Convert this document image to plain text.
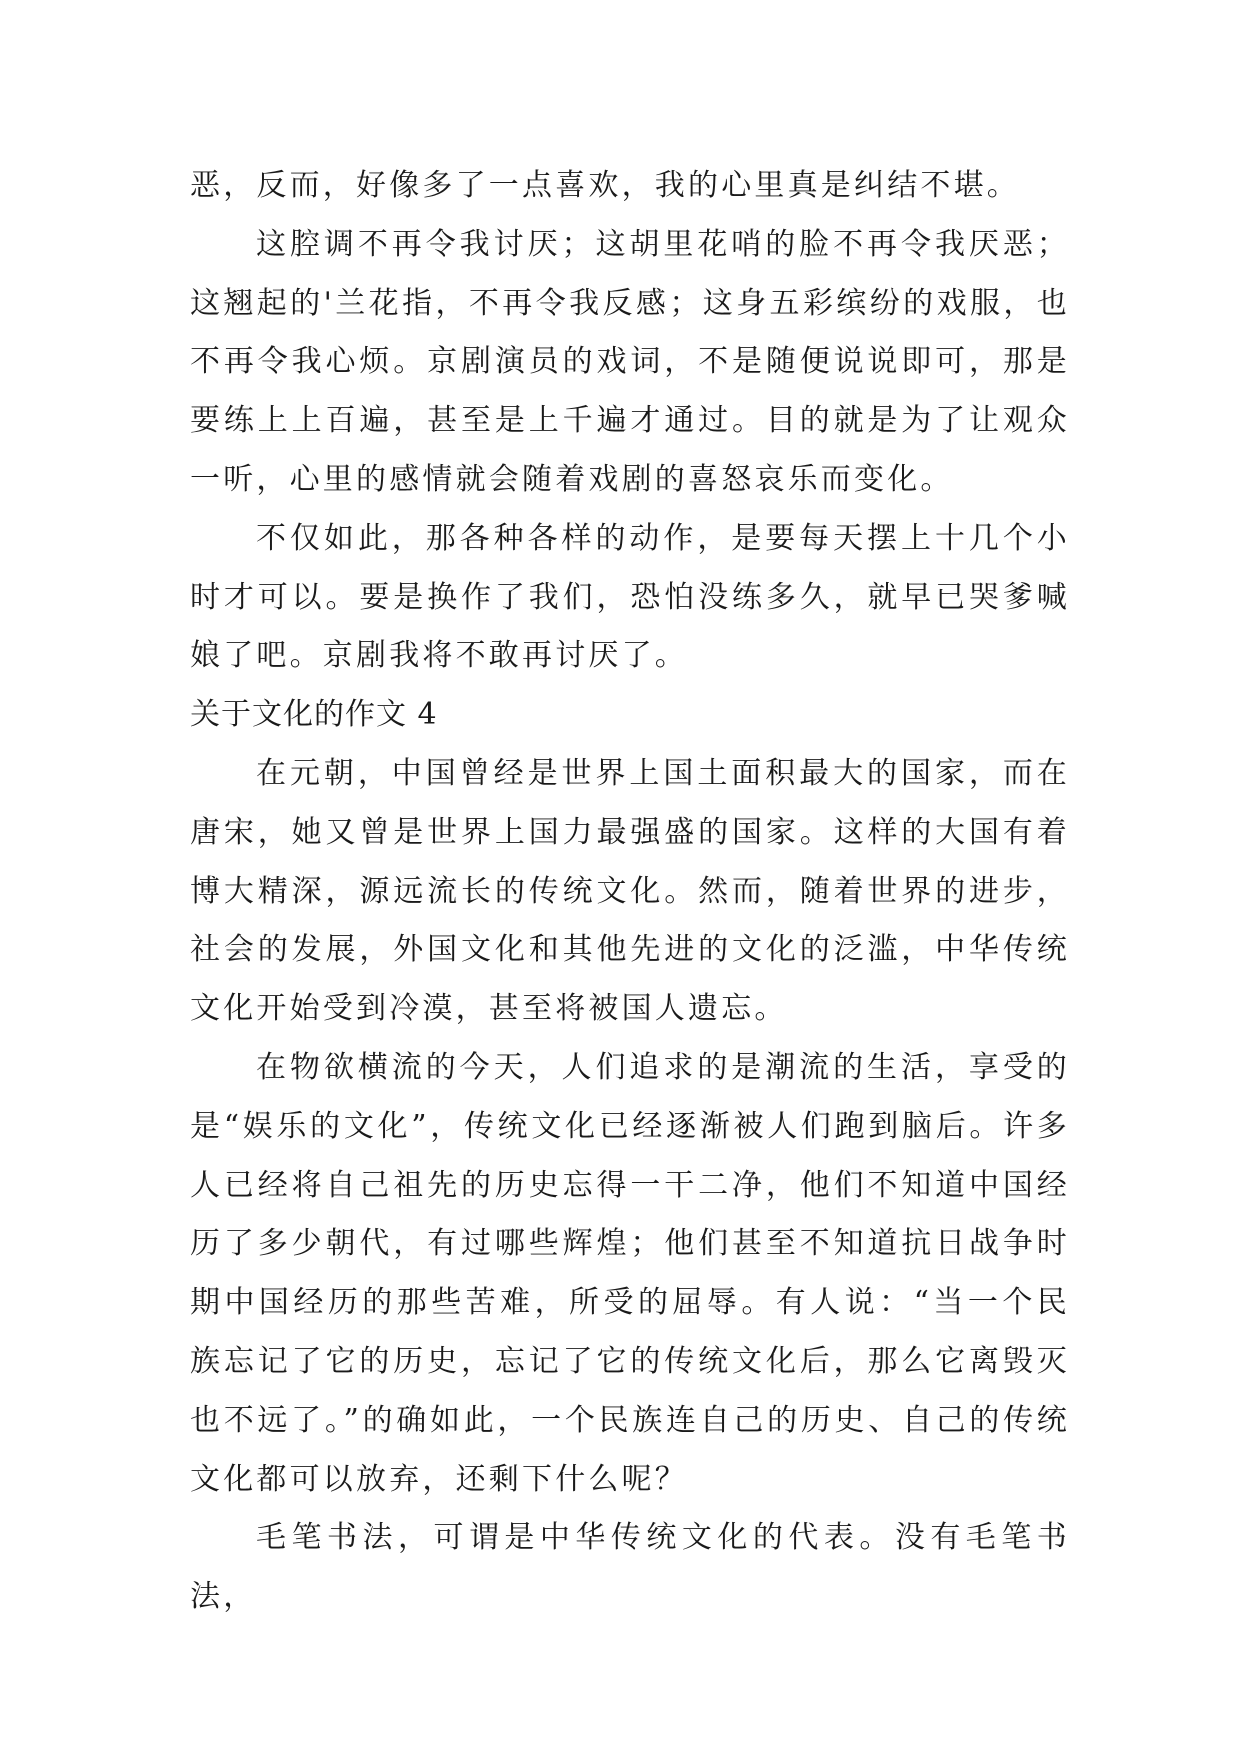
恶，反而，好像多了一点喜欢，我的心里真是纠结不堪。

这腔调不再令我讨厌；这胡里花哨的脸不再令我厌恶；这翘起的'兰花指，不再令我反感；这身五彩缤纷的戏服，也不再令我心烦。京剧演员的戏词，不是随便说说即可，那是要练上上百遍，甚至是上千遍才通过。目的就是为了让观众一听，心里的感情就会随着戏剧的喜怒哀乐而变化。

不仅如此，那各种各样的动作，是要每天摆上十几个小时才可以。要是换作了我们，恐怕没练多久，就早已哭爹喊娘了吧。京剧我将不敢再讨厌了。

关于文化的作文 4

在元朝，中国曾经是世界上国土面积最大的国家，而在唐宋，她又曾是世界上国力最强盛的国家。这样的大国有着博大精深，源远流长的传统文化。然而，随着世界的进步，社会的发展，外国文化和其他先进的文化的泛滥，中华传统文化开始受到冷漠，甚至将被国人遗忘。

在物欲横流的今天，人们追求的是潮流的生活，享受的是“娱乐的文化”，传统文化已经逐渐被人们跑到脑后。许多人已经将自己祖先的历史忘得一干二净，他们不知道中国经历了多少朝代，有过哪些辉煌；他们甚至不知道抗日战争时期中国经历的那些苦难，所受的屈辱。有人说：“当一个民族忘记了它的历史，忘记了它的传统文化后，那么它离毁灭也不远了。”的确如此，一个民族连自己的历史、自己的传统文化都可以放弃，还剩下什么呢？

毛笔书法，可谓是中华传统文化的代表。没有毛笔书法，
